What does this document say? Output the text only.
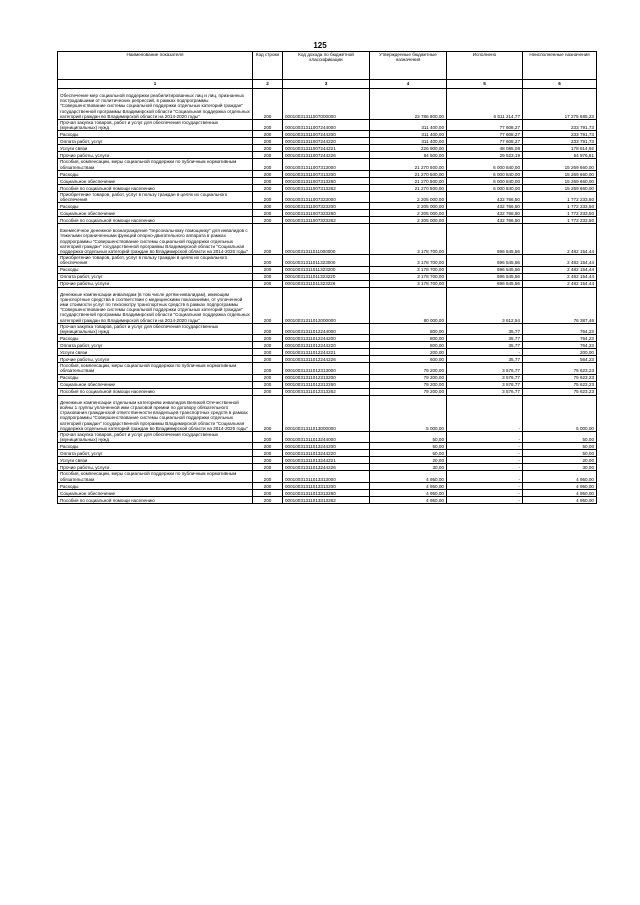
125
Наименование показателя	Код строки	Код дохода по бюджетной классификации	Утвержденные бюджетные назначения	Исполнено	Неисполненные назначения
1	2	3	4	5	6
Обеспечение мер социальной поддержки реабилитированных лиц и лиц, признанных пострадавшими от политических репрессий, в рамках подпрограммы "Совершенствование системы социальной поддержки отдельных категорий граждан" государственной программы Владимирской области "Социальная поддержка отдельных категорий граждан во Владимирской области на 2014-2020 годы"	200	00010031311007000000	23 786 900,00	6 511 214,77	17 275 685,23
Прочая закупка товаров, работ и услуг для обеспечения государственных (муниципальных) нужд	200	00010031311007244000	311 400,00	77 608,27	233 791,73
Расходы	200	00010031311007244200	311 400,00	77 608,27	233 791,73
Оплата работ, услуг	200	00010031311007244220	311 400,00	77 608,27	233 791,73
Услуги связи	200	00010031311007244221	226 900,00	48 085,08	178 814,92
Прочие работы, услуги	200	00010031311007244226	84 500,00	29 523,19	54 976,81
Пособия, компенсации, меры социальной поддержки по публичным нормативным обязательствам	200	00010031311007313000	21 270 500,00	6 000 840,00	15 269 660,00
Расходы	200	00010031311007313200	21 270 500,00	6 000 840,00	15 269 660,00
Социальное обеспечение	200	00010031311007313260	21 270 500,00	6 000 840,00	15 269 660,00
Пособия по социальной помощи населению	200	00010031311007313262	21 270 500,00	6 000 840,00	15 269 660,00
Приобретение товаров, работ, услуг в пользу граждан в целях их социального обеспечения	200	00010031311007323000	2 205 000,00	432 766,50	1 772 233,50
Расходы	200	00010031311007323200	2 205 000,00	432 766,50	1 772 233,50
Социальное обеспечение	200	00010031311007323260	2 205 000,00	432 766,50	1 772 233,50
Пособия по социальной помощи населению	200	00010031311007323262	2 205 000,00	432 766,50	1 772 233,50
Ежемесячное денежное вознаграждение "персональному помощнику" для инвалидов с тяжелыми ограниченными функций опорно-двигательного аппарата в рамках подпрограммы "Совершенствование системы социальной поддержки отдельных категорий граждан" государственной программы Владимирской области "Социальная поддержка отдельных категорий граждан во Владимирской области на 2014-2020 годы"	200	00010031311011000000	3 178 700,00	696 545,56	2 482 154,44
Приобретение товаров, работ, услуг в пользу граждан в целях их социального обеспечения	200	00010031311011323000	3 178 700,00	696 545,56	2 482 154,44
Расходы	200	00010031311011323200	3 178 700,00	696 545,56	2 482 154,44
Оплата работ, услуг	200	00010031311011323220	3 178 700,00	696 545,56	2 482 154,44
Прочие работы, услуги	200	00010031311011323226	3 178 700,00	696 545,56	2 482 154,44
Денежные компенсации инвалидам (в том числе детям-инвалидам), имеющим транспортные средства в соответствии с медицинскими показаниями, от уплаченной ими стоимости услуг по техосмотру транспортных средств в рамках подпрограммы "Совершенствование системы социальной поддержки отдельных категорий граждан" государственной программы Владимирской области "Социальная поддержка отдельных категорий граждан во Владимирской области на 2014-2020 годы"	200	00010031311012000000	80 000,00	3 612,54	76 387,46
Прочая закупка товаров, работ и услуг для обеспечения государственных (муниципальных) нужд	200	00010031311012244000	800,00	35,77	764,23
Расходы	200	00010031311012244200	800,00	35,77	764,23
Оплата работ, услуг	200	00010031311012244220	800,00	35,77	764,23
Услуги связи	200	00010031311012244221	200,00	-	200,00
Прочие работы, услуги	200	00010031311012244226	600,00	35,77	564,23
Пособия, компенсации, меры социальной поддержки по публичным нормативным обязательствам	200	00010031311012313000	79 200,00	3 576,77	75 623,23
Расходы	200	00010031311012313200	79 200,00	3 576,77	75 623,23
Социальное обеспечение	200	00010031311012313260	79 200,00	3 576,77	75 623,23
Пособия по социальной помощи населению	200	00010031311012313262	79 200,00	3 576,77	75 623,23
Денежные компенсации отдельным категориям инвалидов Великой Отечественной войны 1 группы уплаченной ими страховой премии по договору обязательного страхования гражданской ответственности владельцев транспортных средств в рамках подпрограммы "Совершенствование системы социальной поддержки отдельных категорий граждан" государственной программы Владимирской области "Социальная поддержка отдельных категорий граждан во Владимирской области на 2014-2020 годы"	200	00010031311013000000	5 000,00	-	5 000,00
Прочая закупка товаров, работ и услуг для обеспечения государственных (муниципальных) нужд	200	00010031311013244000	50,00	-	50,00
Расходы	200	00010031311013244200	50,00	-	50,00
Оплата работ, услуг	200	00010031311013244220	50,00	-	50,00
Услуги связи	200	00010031311013244221	20,00	-	20,00
Прочие работы, услуги	200	00010031311013244226	30,00	-	30,00
Пособия, компенсации, меры социальной поддержки по публичным нормативным обязательствам	200	00010031311013313000	4 950,00	-	4 950,00
Расходы	200	00010031311013313200	4 950,00	-	4 950,00
Социальное обеспечение	200	00010031311013313260	4 950,00	-	4 950,00
Пособия по социальной помощи населению	200	00010031311013313262	4 950,00	-	4 950,00
